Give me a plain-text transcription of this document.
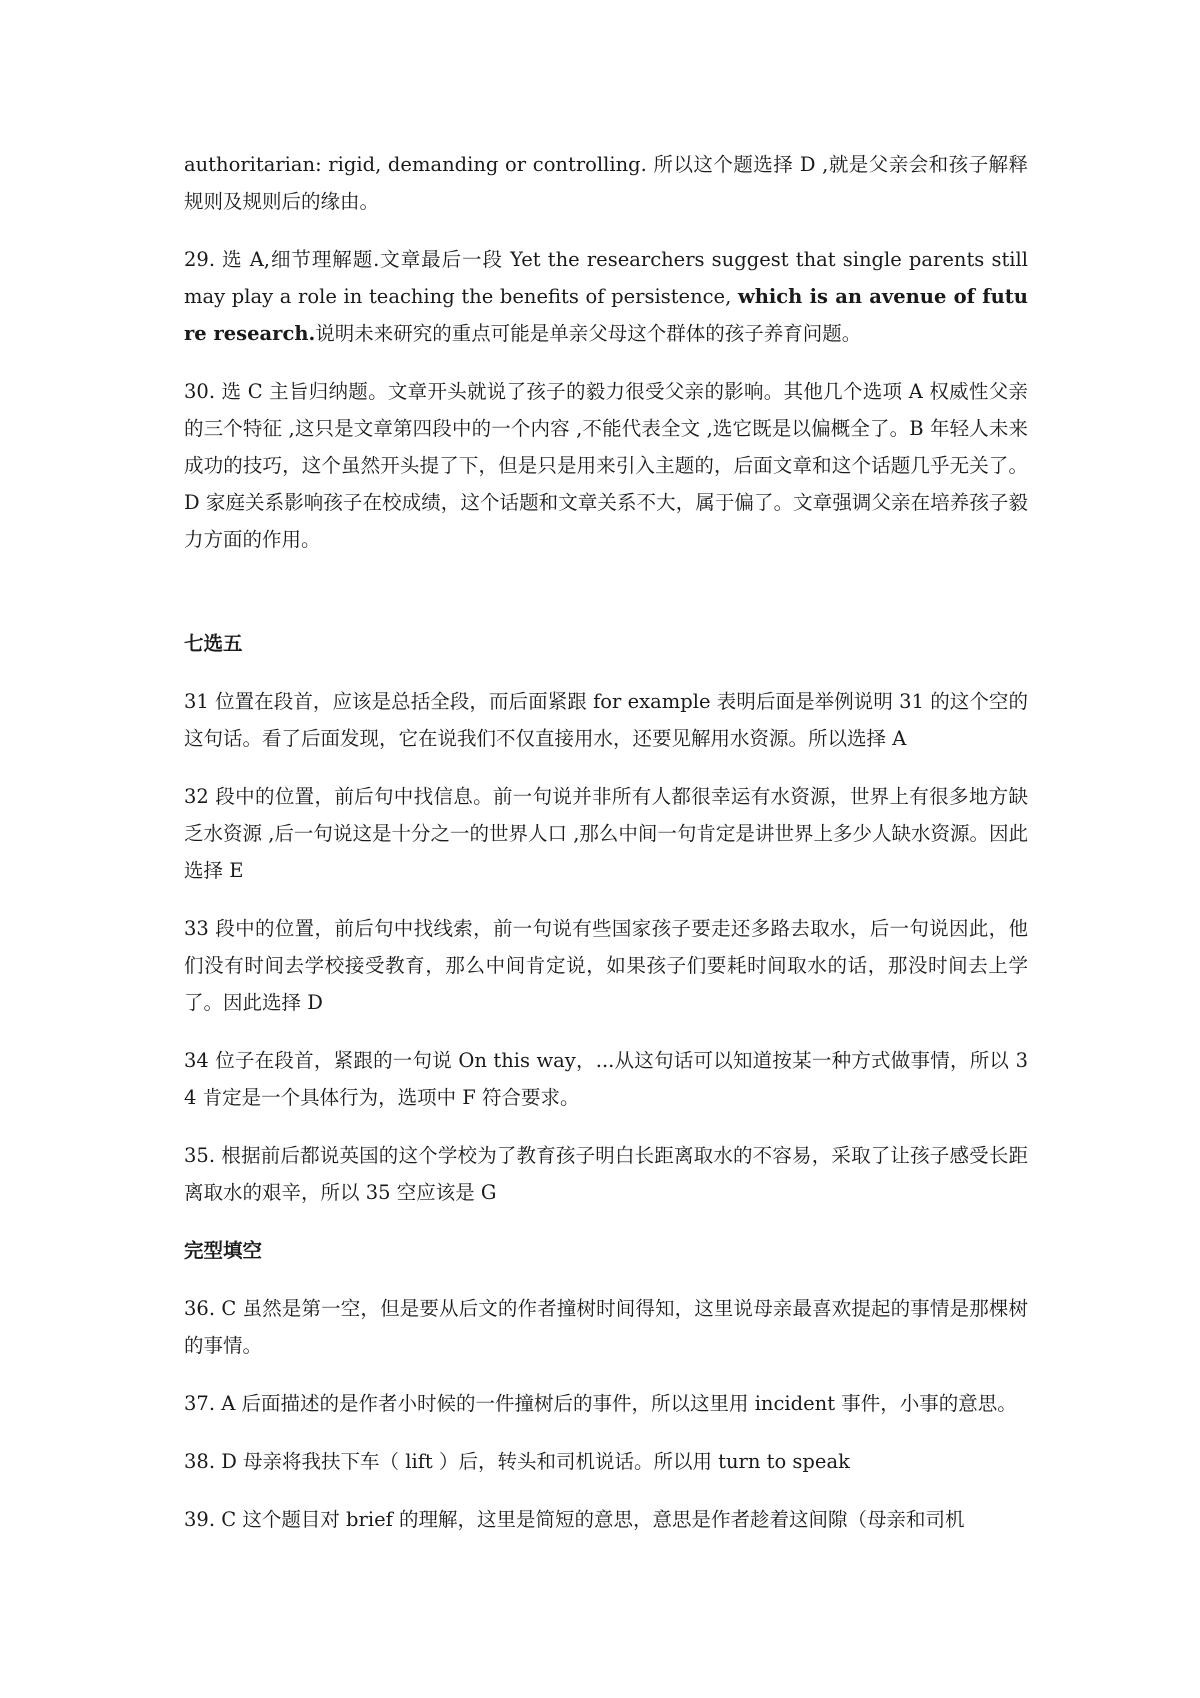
authoritarian: rigid, demanding or controlling. 所以这个题选择 D ,就是父亲会和孩子解释规则及规则后的缘由。

29. 选 A,细节理解题.文章最后一段 Yet the researchers suggest that single parents still may play a role in teaching the benefits of persistence, which is an avenue of future research.说明未来研究的重点可能是单亲父母这个群体的孩子养育问题。

30. 选 C 主旨归纳题。文章开头就说了孩子的毅力很受父亲的影响。其他几个选项 A 权威性父亲的三个特征 ,这只是文章第四段中的一个内容 ,不能代表全文 ,选它既是以偏概全了。B 年轻人未来成功的技巧，这个虽然开头提了下，但是只是用来引入主题的，后面文章和这个话题几乎无关了。D 家庭关系影响孩子在校成绩，这个话题和文章关系不大，属于偏了。文章强调父亲在培养孩子毅力方面的作用。

七选五

31 位置在段首，应该是总括全段，而后面紧跟 for example 表明后面是举例说明 31 的这个空的这句话。看了后面发现，它在说我们不仅直接用水，还要见解用水资源。所以选择 A

32 段中的位置，前后句中找信息。前一句说并非所有人都很幸运有水资源，世界上有很多地方缺乏水资源 ,后一句说这是十分之一的世界人口 ,那么中间一句肯定是讲世界上多少人缺水资源。因此选择 E

33 段中的位置，前后句中找线索，前一句说有些国家孩子要走还多路去取水，后一句说因此，他们没有时间去学校接受教育，那么中间肯定说，如果孩子们要耗时间取水的话，那没时间去上学了。因此选择 D

34 位子在段首，紧跟的一句说 On this way，...从这句话可以知道按某一种方式做事情，所以 34 肯定是一个具体行为，选项中 F 符合要求。

35. 根据前后都说英国的这个学校为了教育孩子明白长距离取水的不容易，采取了让孩子感受长距离取水的艰辛，所以 35 空应该是 G

完型填空

36. C 虽然是第一空，但是要从后文的作者撞树时间得知，这里说母亲最喜欢提起的事情是那棵树的事情。

37. A 后面描述的是作者小时候的一件撞树后的事件，所以这里用 incident 事件，小事的意思。

38. D 母亲将我扶下车（ lift ）后，转头和司机说话。所以用 turn to speak

39. C 这个题目对 brief 的理解，这里是简短的意思，意思是作者趁着这间隙（母亲和司机
